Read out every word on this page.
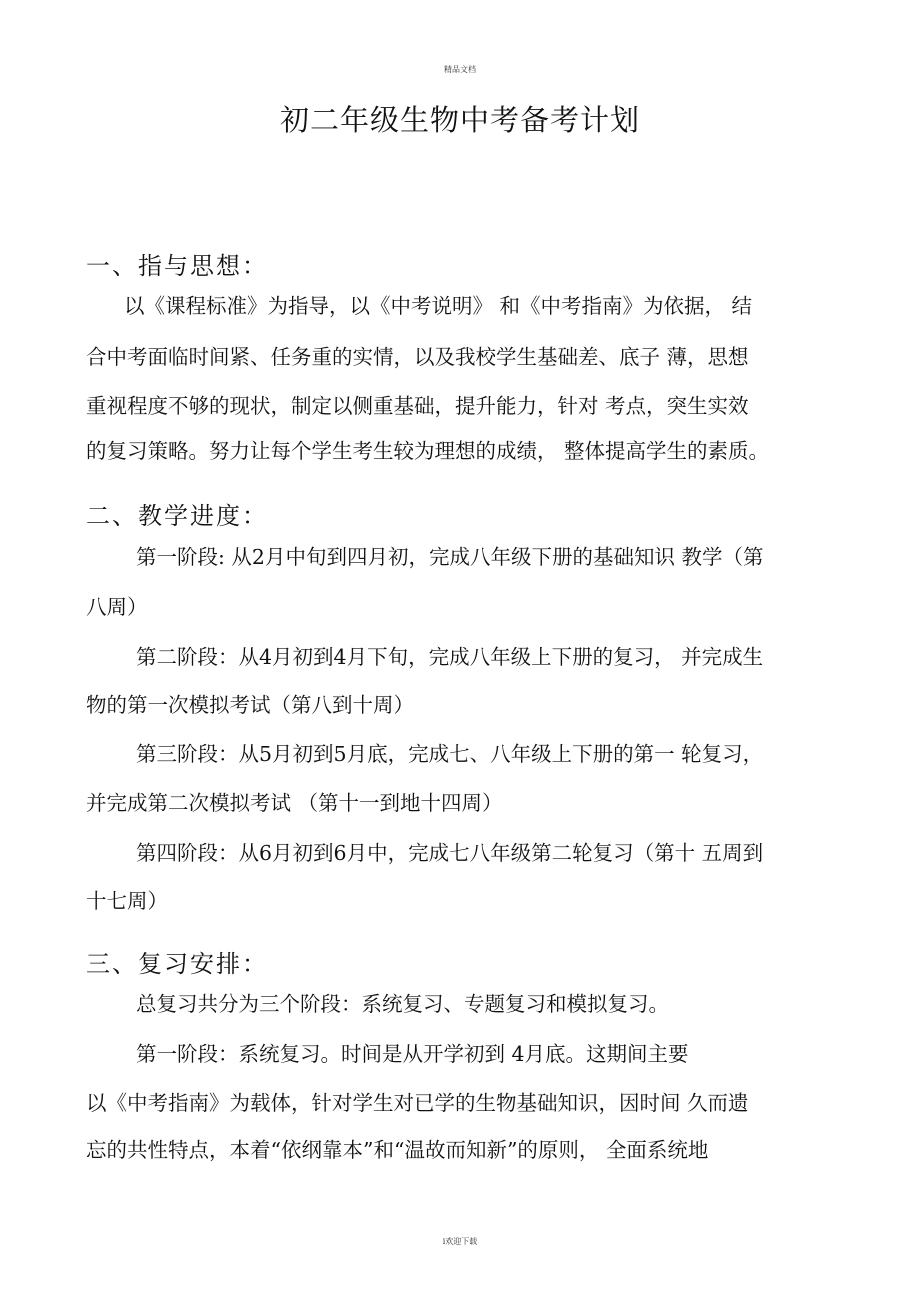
精品文档
初二年级生物中考备考计划
一、指与思想：
以《课程标准》为指导，以《中考说明》 和《中考指南》为依据， 结
合中考面临时间紧、任务重的实情，以及我校学生基础差、底子 薄，思想
重视程度不够的现状，制定以侧重基础，提升能力，针对 考点，突生实效
的复习策略。努力让每个学生考生较为理想的成绩， 整体提高学生的素质。
二、教学进度：
第一阶段: 从2月中旬到四月初，完成八年级下册的基础知识 教学（第
八周）
第二阶段：从4月初到4月下旬，完成八年级上下册的复习， 并完成生
物的第一次模拟考试（第八到十周）
第三阶段：从5月初到5月底，完成七、八年级上下册的第一 轮复习，
并完成第二次模拟考试 （第十一到地十四周）
第四阶段：从6月初到6月中，完成七八年级第二轮复习（第十 五周到
十七周）
三、复习安排：
总复习共分为三个阶段：系统复习、专题复习和模拟复习。
第一阶段：系统复习。时间是从开学初到 4月底。这期间主要
以《中考指南》为载体，针对学生对已学的生物基础知识，因时间 久而遗
忘的共性特点，本着“依纲靠本”和“温故而知新”的原则， 全面系统地
i欢迎下载
